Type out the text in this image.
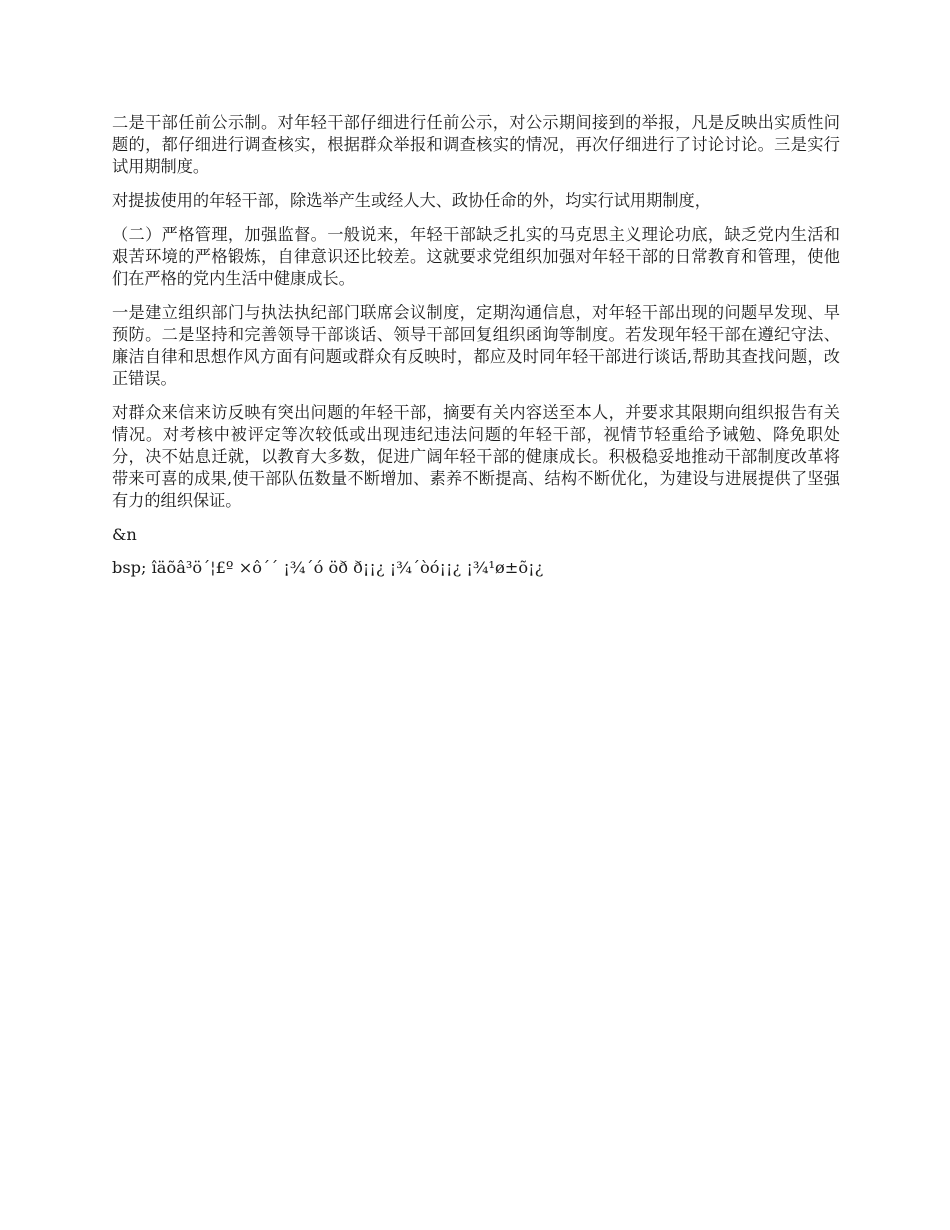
二是干部任前公示制。对年轻干部仔细进行任前公示，对公示期间接到的举报，凡是反映出实质性问题的，都仔细进行调查核实，根据群众举报和调查核实的情况，再次仔细进行了讨论讨论。三是实行试用期制度。

对提拔使用的年轻干部，除选举产生或经人大、政协任命的外，均实行试用期制度，

（二）严格管理，加强监督。一般说来，年轻干部缺乏扎实的马克思主义理论功底，缺乏党内生活和艰苦环境的严格锻炼，自律意识还比较差。这就要求党组织加强对年轻干部的日常教育和管理，使他们在严格的党内生活中健康成长。

一是建立组织部门与执法执纪部门联席会议制度，定期沟通信息，对年轻干部出现的问题早发现、早预防。二是坚持和完善领导干部谈话、领导干部回复组织函询等制度。若发现年轻干部在遵纪守法、廉洁自律和思想作风方面有问题或群众有反映时，都应及时同年轻干部进行谈话,帮助其查找问题，改正错误。

对群众来信来访反映有突出问题的年轻干部，摘要有关内容送至本人，并要求其限期向组织报告有关情况。对考核中被评定等次较低或出现违纪违法问题的年轻干部，视情节轻重给予诫勉、降免职处分，决不姑息迁就，以教育大多数，促进广阔年轻干部的健康成长。积极稳妥地推动干部制度改革将带来可喜的成果,使干部队伍数量不断增加、素养不断提高、结构不断优化，为建设与进展提供了坚强有力的组织保证。

&n

bsp; îäõâ³ö´¦£º ×ô´´ ¡¾´ó öð ð¡¡¿ ¡¾´òó¡¡¿ ¡¾¹ø±õ¡¿
